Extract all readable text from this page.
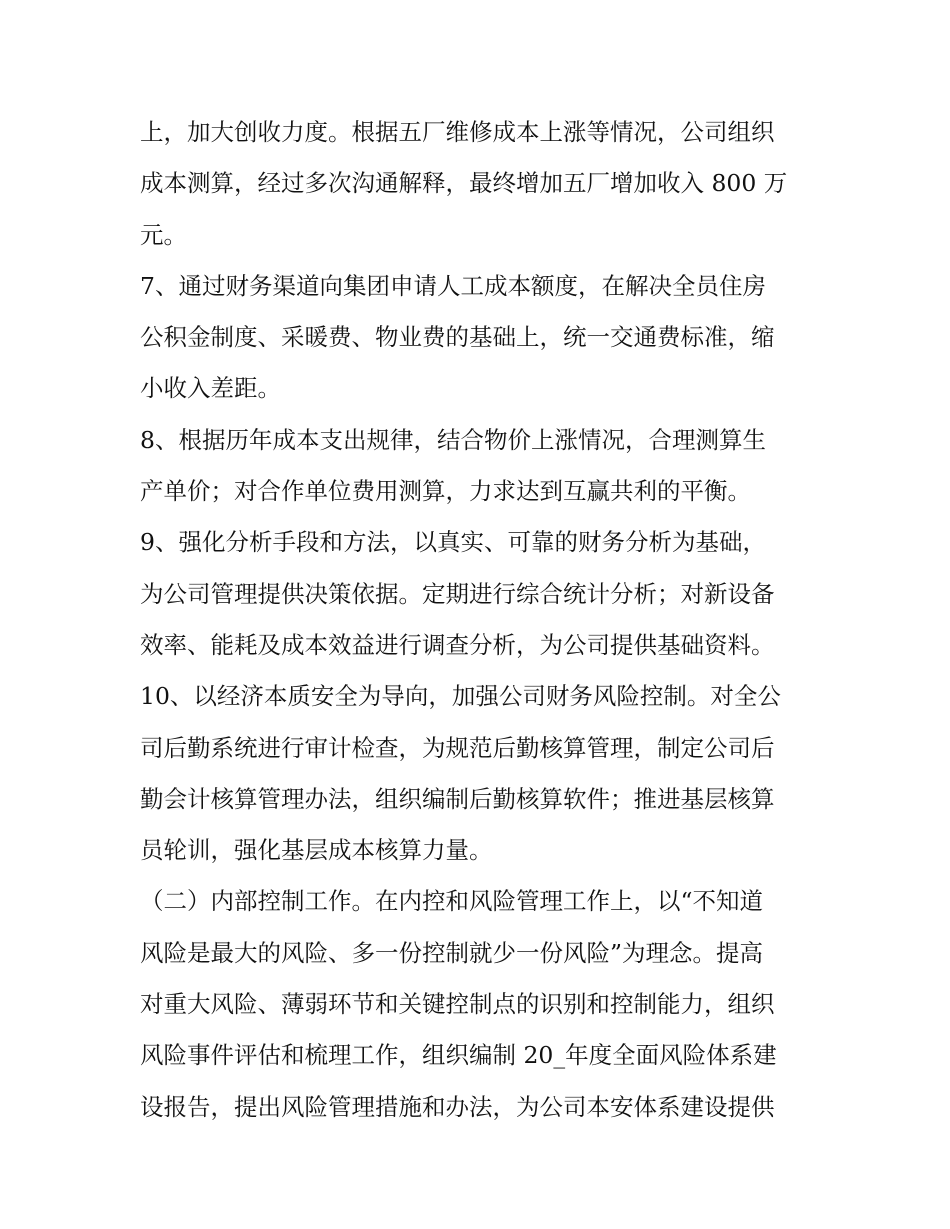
上，加大创收力度。根据五厂维修成本上涨等情况，公司组织
成本测算，经过多次沟通解释，最终增加五厂增加收入 800 万
元。
7、通过财务渠道向集团申请人工成本额度，在解决全员住房
公积金制度、采暖费、物业费的基础上，统一交通费标准，缩
小收入差距。
8、根据历年成本支出规律，结合物价上涨情况，合理测算生
产单价；对合作单位费用测算，力求达到互赢共利的平衡。
9、强化分析手段和方法，以真实、可靠的财务分析为基础，
为公司管理提供决策依据。定期进行综合统计分析；对新设备
效率、能耗及成本效益进行调查分析，为公司提供基础资料。
10、以经济本质安全为导向，加强公司财务风险控制。对全公
司后勤系统进行审计检查，为规范后勤核算管理，制定公司后
勤会计核算管理办法，组织编制后勤核算软件；推进基层核算
员轮训，强化基层成本核算力量。
（二）内部控制工作。在内控和风险管理工作上，以“不知道
风险是最大的风险、多一份控制就少一份风险”为理念。提高
对重大风险、薄弱环节和关键控制点的识别和控制能力，组织
风险事件评估和梳理工作，组织编制 20_年度全面风险体系建
设报告，提出风险管理措施和办法，为公司本安体系建设提供
